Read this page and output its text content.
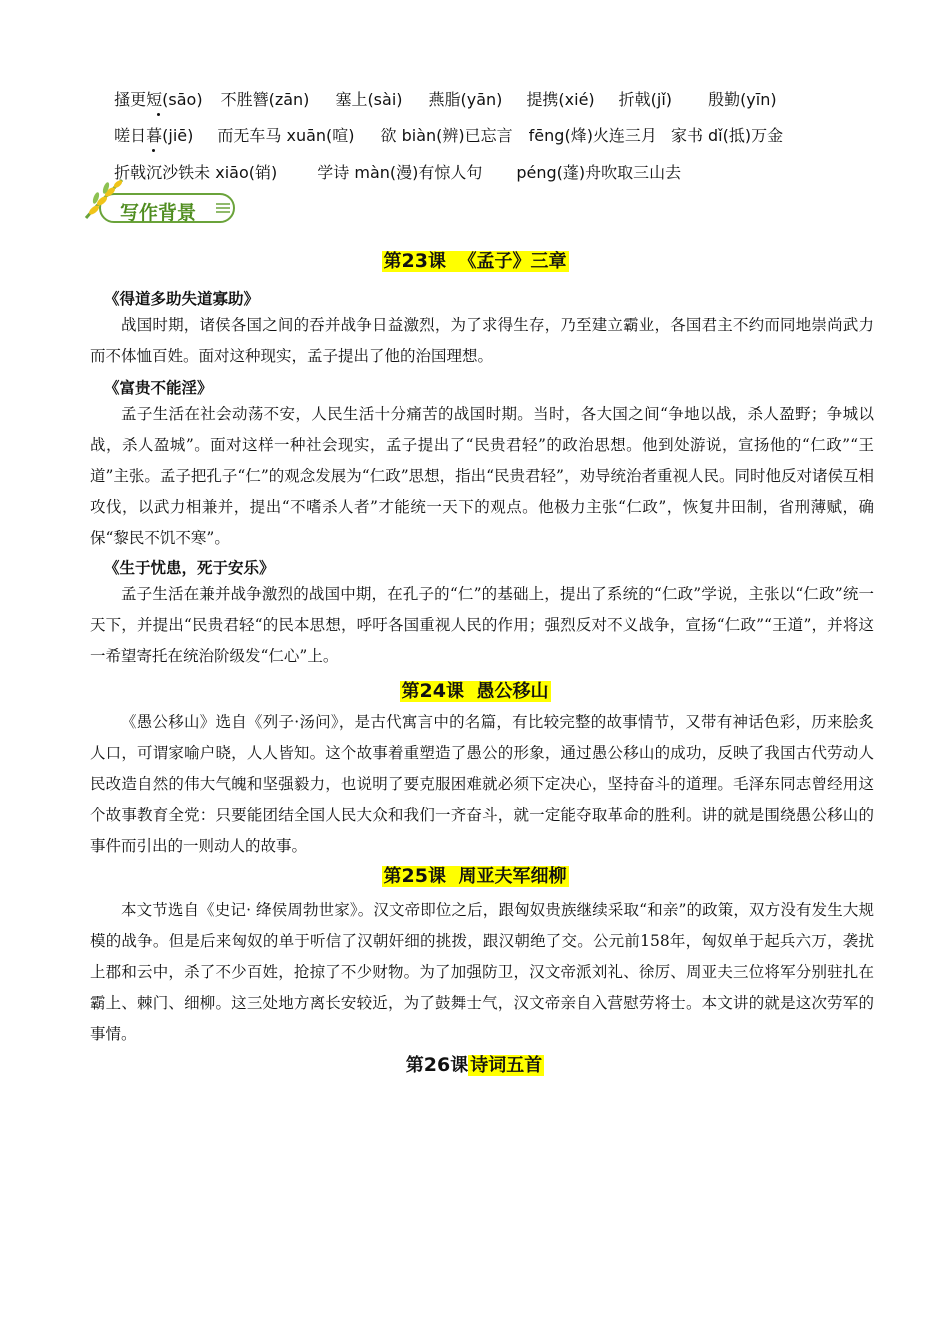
搔更短(sāo) 不胜簪(zān) 塞上(sài) 燕脂(yān) 提携(xié) 折戟(jǐ) 殷勤(yīn)

嗟日暮(jiē) 而无车马 xuān(喧) 欲 biàn(辨)已忘言 fēng(烽)火连三月 家书 dǐ(抵)万金

折戟沉沙铁未 xiāo(销)	学诗 màn(漫)有惊人句 péng(蓬)舟吹取三山去

写作背景
第23课 《孟子》三章
《得道多助失道寡助》

战国时期，诸侯各国之间的吞并战争日益激烈，为了求得生存，乃至建立霸业，各国君主不约而同地崇尚武力而不体恤百姓。面对这种现实，孟子提出了他的治国理想。

《富贵不能淫》

孟子生活在社会动荡不安，人民生活十分痛苦的战国时期。当时，各大国之间“争地以战，杀人盈野；争城以战，杀人盈城”。面对这样一种社会现实，孟子提出了“民贵君轻”的政治思想。他到处游说，宣扬他的“仁政”“王道”主张。孟子把孔子“仁”的观念发展为“仁政”思想，指出“民贵君轻”，劝导统治者重视人民。同时他反对诸侯互相攻伐，以武力相兼并，提出“不嗜杀人者”才能统一天下的观点。他极力主张“仁政”，恢复井田制，省刑薄赋，确保“黎民不饥不寒”。

《生于忧患，死于安乐》

孟子生活在兼并战争激烈的战国中期，在孔子的“仁”的基础上，提出了系统的“仁政”学说，主张以“仁政”统一天下，并提出“民贵君轻“的民本思想，呼吁各国重视人民的作用；强烈反对不义战争，宣扬“仁政”“王道”，并将这一希望寄托在统治阶级发“仁心”上。

第24课 愚公移山

《愚公移山》选自《列子·汤问》，是古代寓言中的名篇，有比较完整的故事情节，又带有神话色彩，历来脍炙人口，可谓家喻户晓，人人皆知。这个故事着重塑造了愚公的形象，通过愚公移山的成功，反映了我国古代劳动人民改造自然的伟大气魄和坚强毅力，也说明了要克服困难就必须下定决心，坚持奋斗的道理。毛泽东同志曾经用这个故事教育全党：只要能团结全国人民大众和我们一齐奋斗，就一定能夺取革命的胜利。讲的就是围绕愚公移山的事件而引出的一则动人的故事。

第25课 周亚夫军细柳

本文节选自《史记· 绛侯周勃世家》。汉文帝即位之后，跟匈奴贵族继续采取“和亲”的政策，双方没有发生大规模的战争。但是后来匈奴的单于听信了汉朝奸细的挑拨，跟汉朝绝了交。公元前158年，匈奴单于起兵六万，袭扰上郡和云中，杀了不少百姓，抢掠了不少财物。为了加强防卫，汉文帝派刘礼、徐厉、周亚夫三位将军分别驻扎在霸上、棘门、细柳。这三处地方离长安较近，为了鼓舞士气，汉文帝亲自入营慰劳将士。本文讲的就是这次劳军的事情。

第26课 诗词五首
